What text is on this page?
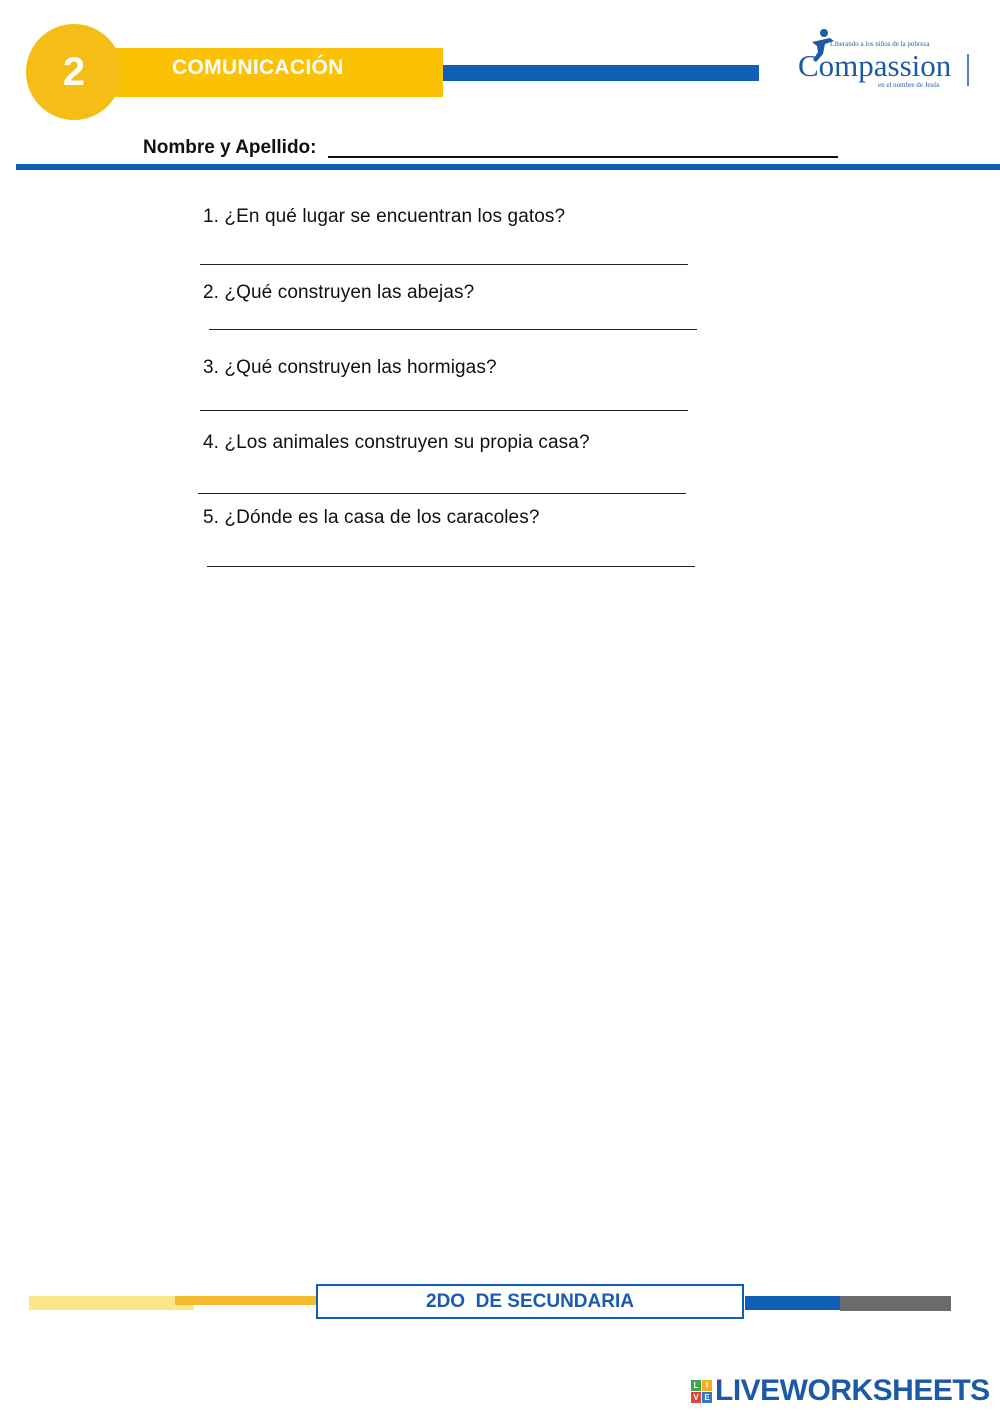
2	COMUNICACIÓN
Liberando a los niños de la pobreza
Compassion
en el nombre de Jesús
Nombre y Apellido:
1. ¿En qué lugar se encuentran los gatos?
2. ¿Qué construyen las abejas?
3. ¿Qué construyen las hormigas?
4. ¿Los animales construyen su propia casa?
5. ¿Dónde es la casa de los caracoles?
2DO  DE SECUNDARIA
L I
V E LIVEWORKSHEETS
